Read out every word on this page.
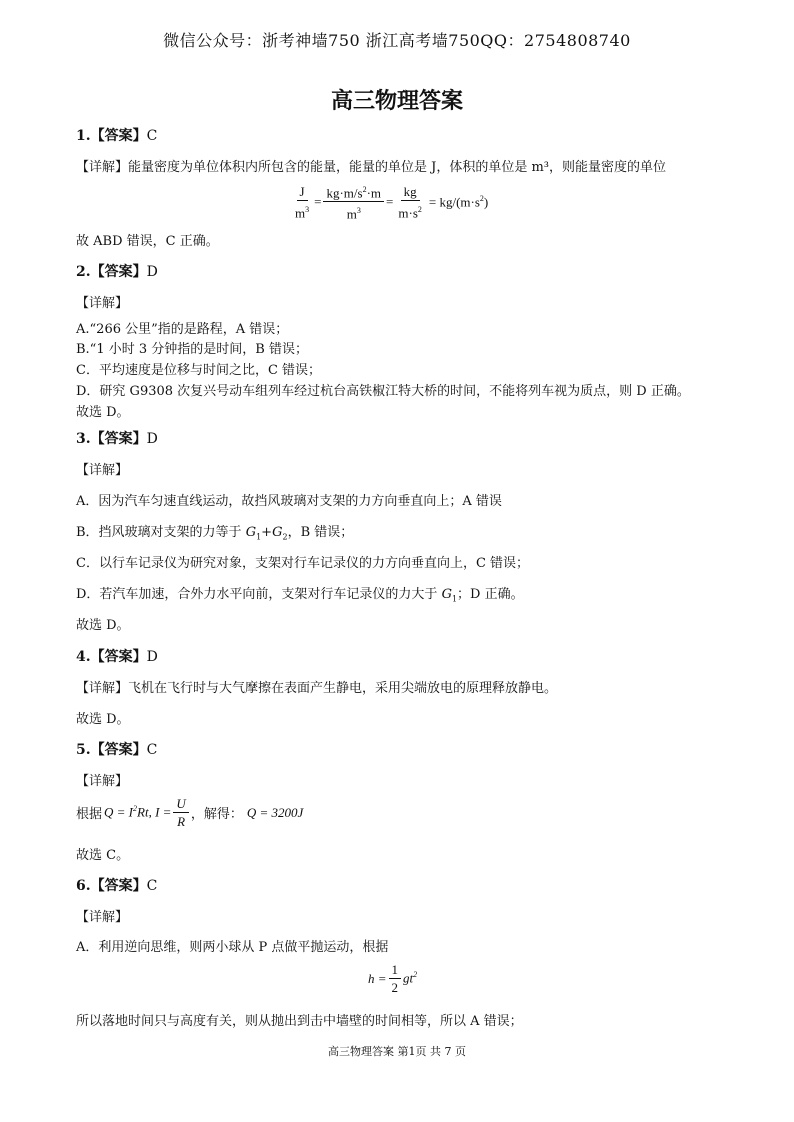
微信公众号：浙考神墙750 浙江高考墙750QQ：2754808740
高三物理答案
1.【答案】C
【详解】能量密度为单位体积内所包含的能量，能量的单位是 J，体积的单位是 m³，则能量密度的单位
$\frac{J}{m^3} = \frac{kg\cdot m/s^2\cdot m}{m^3} = \frac{kg}{m\cdot s^2} = kg/(m\cdot s^2)$
故 ABD 错误，C 正确。
2.【答案】D
【详解】
A.“266 公里”指的是路程，A 错误；
B.“1 小时 3 分钟指的是时间，B 错误；
C．平均速度是位移与时间之比，C 错误；
D．研究 G9308 次复兴号动车组列车经过杭台高铁椒江特大桥的时间，不能将列车视为质点，则 D 正确。
故选 D。
3.【答案】D
【详解】
A．因为汽车匀速直线运动，故挡风玻璃对支架的力方向垂直向上；A 错误
B．挡风玻璃对支架的力等于 $G_1+G_2$，B 错误；
C．以行车记录仪为研究对象，支架对行车记录仪的力方向垂直向上，C 错误；
D．若汽车加速，合外力水平向前，支架对行车记录仪的力大于 $G_1$；D 正确。
故选 D。
4.【答案】D
【详解】飞机在飞行时与大气摩擦在表面产生静电，采用尖端放电的原理释放静电。
故选 D。
5.【答案】C
【详解】
根据 $Q = I^2Rt$, $I = \frac{U}{R}$ ，解得： Q = 3200J
故选 C。
6.【答案】C
【详解】
A．利用逆向思维，则两小球从 P 点做平抛运动，根据
$h = \frac{1}{2} gt^2$
所以落地时间只与高度有关，则从抛出到击中墙壁的时间相等，所以 A 错误；
高三物理答案 第1页 共 7 页
